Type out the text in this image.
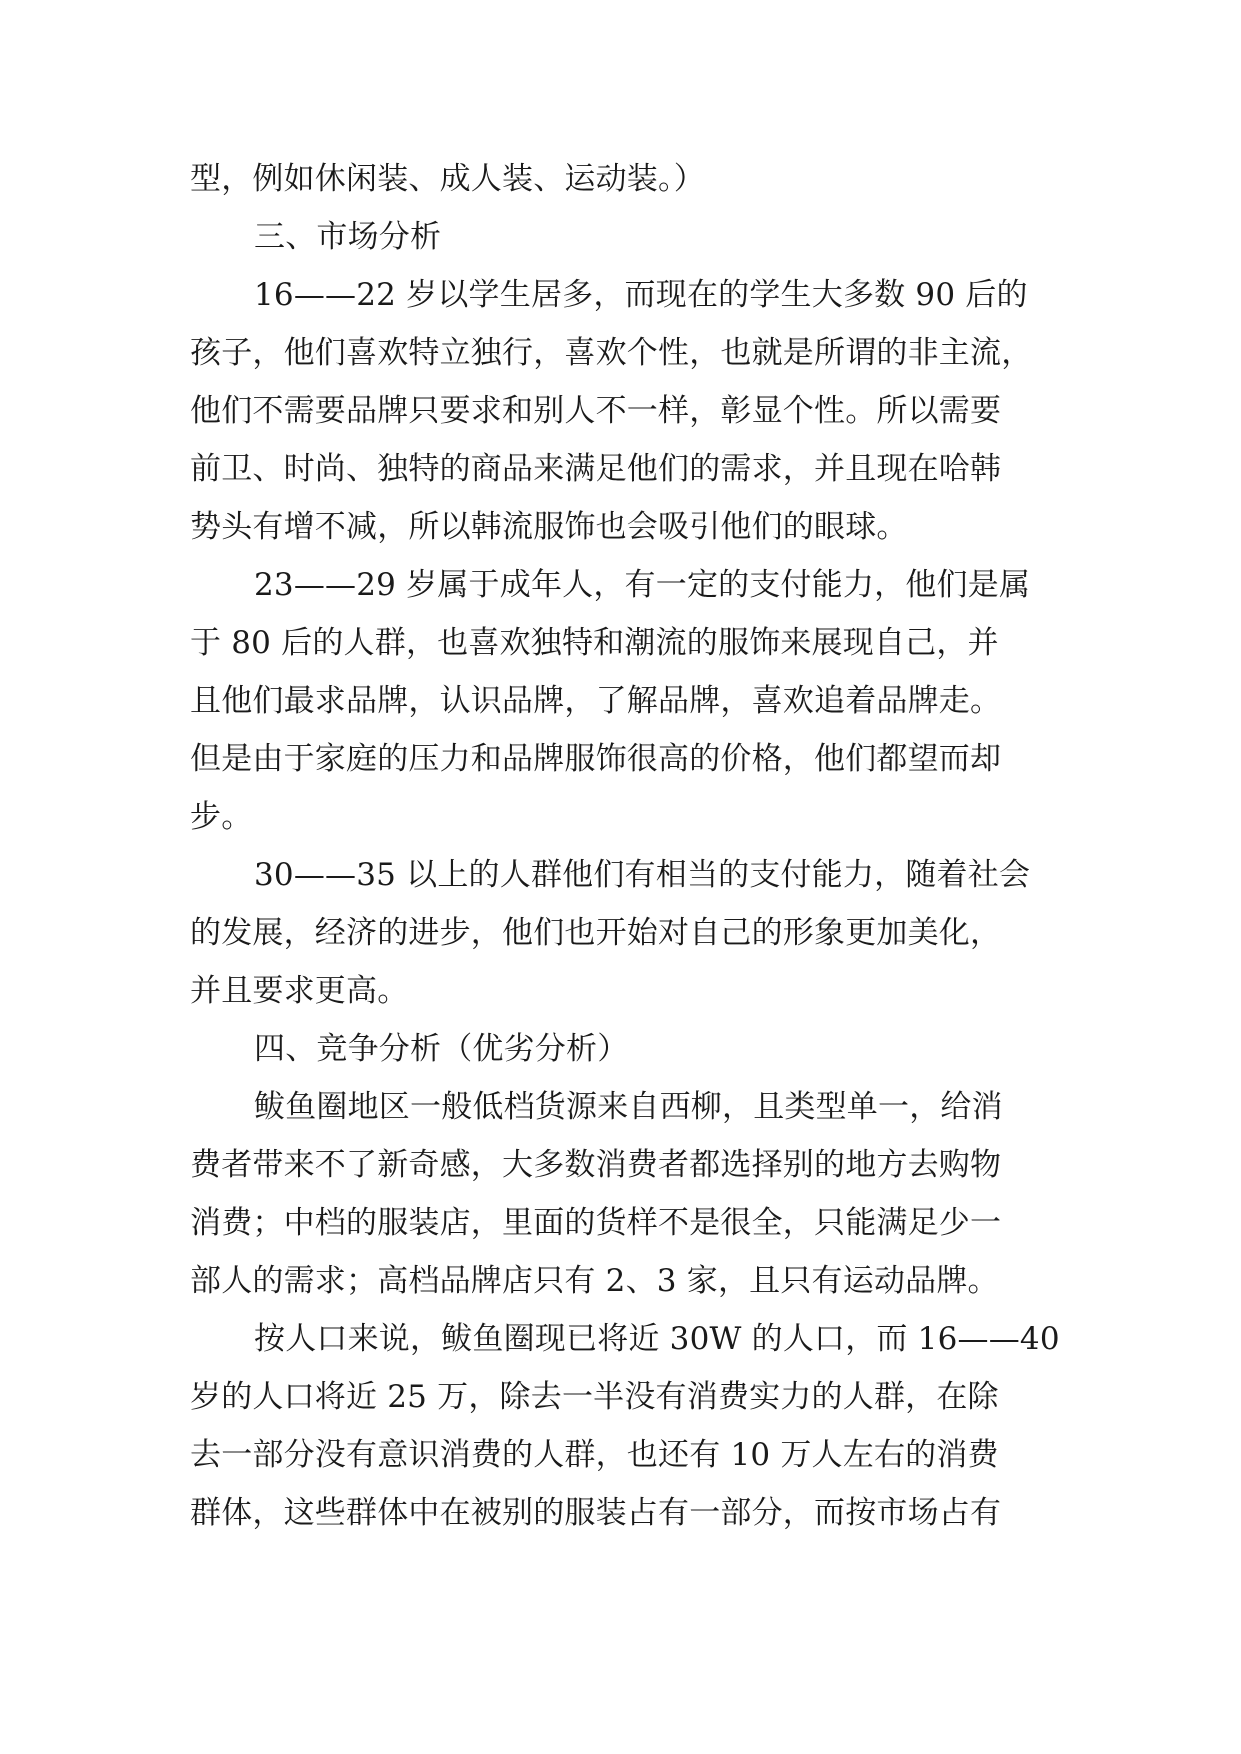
型，例如休闲装、成人装、运动装。）
三、市场分析
16——22 岁以学生居多，而现在的学生大多数 90 后的
孩子，他们喜欢特立独行，喜欢个性，也就是所谓的非主流，
他们不需要品牌只要求和别人不一样，彰显个性。所以需要
前卫、时尚、独特的商品来满足他们的需求，并且现在哈韩
势头有增不减，所以韩流服饰也会吸引他们的眼球。
23——29 岁属于成年人，有一定的支付能力，他们是属
于 80 后的人群，也喜欢独特和潮流的服饰来展现自己，并
且他们最求品牌，认识品牌，了解品牌，喜欢追着品牌走。
但是由于家庭的压力和品牌服饰很高的价格，他们都望而却
步。
30——35 以上的人群他们有相当的支付能力，随着社会
的发展，经济的进步，他们也开始对自己的形象更加美化，
并且要求更高。
四、竞争分析（优劣分析）
鲅鱼圈地区一般低档货源来自西柳，且类型单一，给消
费者带来不了新奇感，大多数消费者都选择别的地方去购物
消费；中档的服装店，里面的货样不是很全，只能满足少一
部人的需求；高档品牌店只有 2、3 家，且只有运动品牌。
按人口来说，鲅鱼圈现已将近 30W 的人口，而 16——40
岁的人口将近 25 万，除去一半没有消费实力的人群，在除
去一部分没有意识消费的人群，也还有 10 万人左右的消费
群体，这些群体中在被别的服装占有一部分，而按市场占有
